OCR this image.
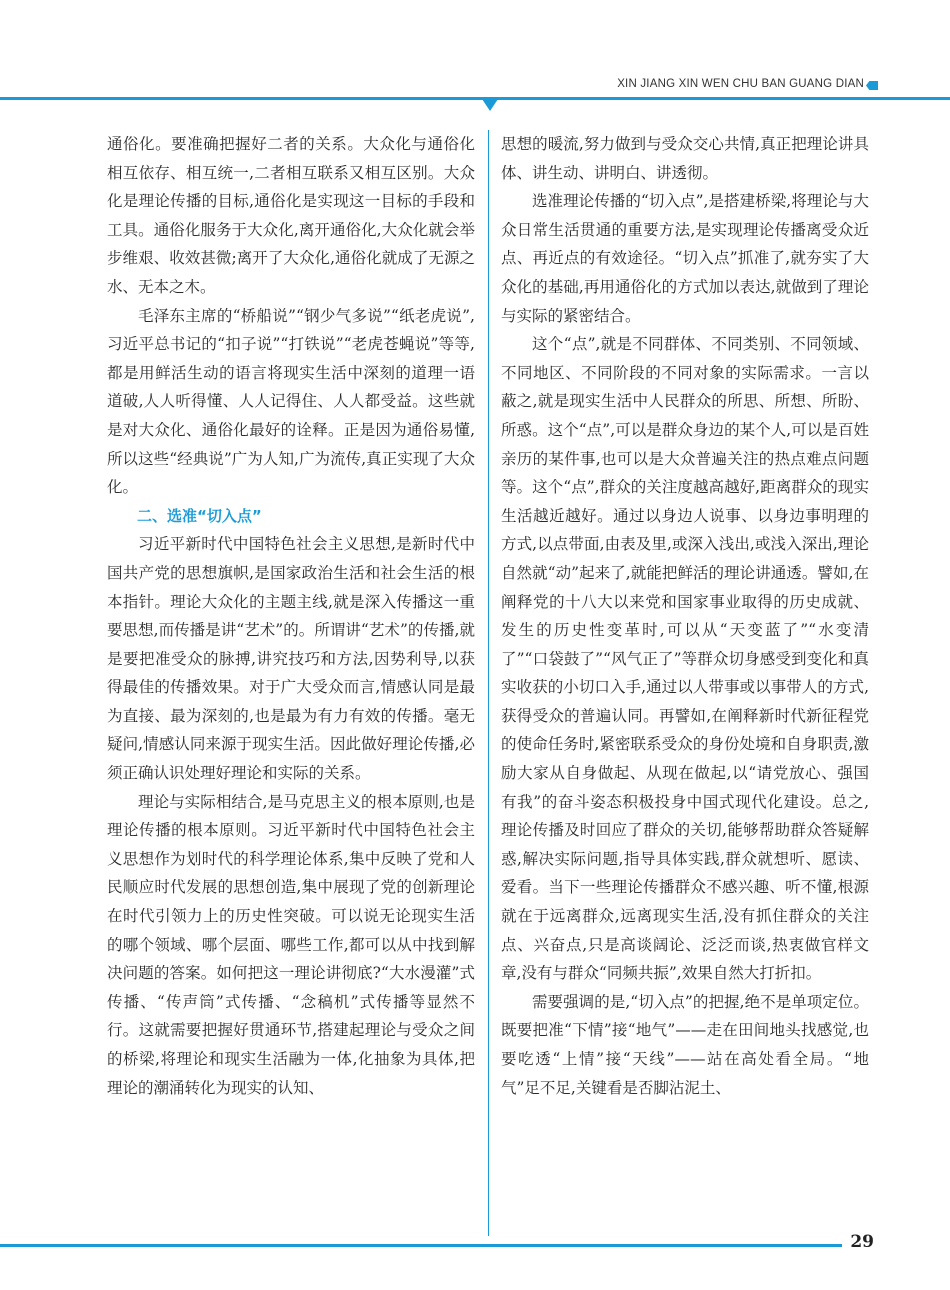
XIN JIANG XIN WEN CHU BAN GUANG DIAN

通俗化。要准确把握好二者的关系。大众化与通俗化相互依存、相互统一,二者相互联系又相互区别。大众化是理论传播的目标,通俗化是实现这一目标的手段和工具。通俗化服务于大众化,离开通俗化,大众化就会举步维艰、收效甚微;离开了大众化,通俗化就成了无源之水、无本之木。

毛泽东主席的“桥船说”“钢少气多说”“纸老虎说”,习近平总书记的“扣子说”“打铁说”“老虎苍蝇说”等等,都是用鲜活生动的语言将现实生活中深刻的道理一语道破,人人听得懂、人人记得住、人人都受益。这些就是对大众化、通俗化最好的诠释。正是因为通俗易懂,所以这些“经典说”广为人知,广为流传,真正实现了大众化。

二、选准“切入点”

习近平新时代中国特色社会主义思想,是新时代中国共产党的思想旗帜,是国家政治生活和社会生活的根本指针。理论大众化的主题主线,就是深入传播这一重要思想,而传播是讲“艺术”的。所谓讲“艺术”的传播,就是要把准受众的脉搏,讲究技巧和方法,因势利导,以获得最佳的传播效果。对于广大受众而言,情感认同是最为直接、最为深刻的,也是最为有力有效的传播。毫无疑问,情感认同来源于现实生活。因此做好理论传播,必须正确认识处理好理论和实际的关系。

理论与实际相结合,是马克思主义的根本原则,也是理论传播的根本原则。习近平新时代中国特色社会主义思想作为划时代的科学理论体系,集中反映了党和人民顺应时代发展的思想创造,集中展现了党的创新理论在时代引领力上的历史性突破。可以说无论现实生活的哪个领域、哪个层面、哪些工作,都可以从中找到解决问题的答案。如何把这一理论讲彻底?“大水漫灌”式传播、“传声筒”式传播、“念稿机”式传播等显然不行。这就需要把握好贯通环节,搭建起理论与受众之间的桥梁,将理论和现实生活融为一体,化抽象为具体,把理论的潮涌转化为现实的认知、

思想的暖流,努力做到与受众交心共情,真正把理论讲具体、讲生动、讲明白、讲透彻。

选准理论传播的“切入点”,是搭建桥梁,将理论与大众日常生活贯通的重要方法,是实现理论传播离受众近点、再近点的有效途径。“切入点”抓准了,就夯实了大众化的基础,再用通俗化的方式加以表达,就做到了理论与实际的紧密结合。

这个“点”,就是不同群体、不同类别、不同领域、不同地区、不同阶段的不同对象的实际需求。一言以蔽之,就是现实生活中人民群众的所思、所想、所盼、所惑。这个“点”,可以是群众身边的某个人,可以是百姓亲历的某件事,也可以是大众普遍关注的热点难点问题等。这个“点”,群众的关注度越高越好,距离群众的现实生活越近越好。通过以身边人说事、以身边事明理的方式,以点带面,由表及里,或深入浅出,或浅入深出,理论自然就“动”起来了,就能把鲜活的理论讲通透。譬如,在阐释党的十八大以来党和国家事业取得的历史成就、发生的历史性变革时,可以从“天变蓝了”“水变清了”“口袋鼓了”“风气正了”等群众切身感受到变化和真实收获的小切口入手,通过以人带事或以事带人的方式,获得受众的普遍认同。再譬如,在阐释新时代新征程党的使命任务时,紧密联系受众的身份处境和自身职责,激励大家从自身做起、从现在做起,以“请党放心、强国有我”的奋斗姿态积极投身中国式现代化建设。总之,理论传播及时回应了群众的关切,能够帮助群众答疑解惑,解决实际问题,指导具体实践,群众就想听、愿读、爱看。当下一些理论传播群众不感兴趣、听不懂,根源就在于远离群众,远离现实生活,没有抓住群众的关注点、兴奋点,只是高谈阔论、泛泛而谈,热衷做官样文章,没有与群众“同频共振”,效果自然大打折扣。

需要强调的是,“切入点”的把握,绝不是单项定位。既要把准“下情”接“地气”——走在田间地头找感觉,也要吃透“上情”接“天线”——站在高处看全局。“地气”足不足,关键看是否脚沾泥土、

29
